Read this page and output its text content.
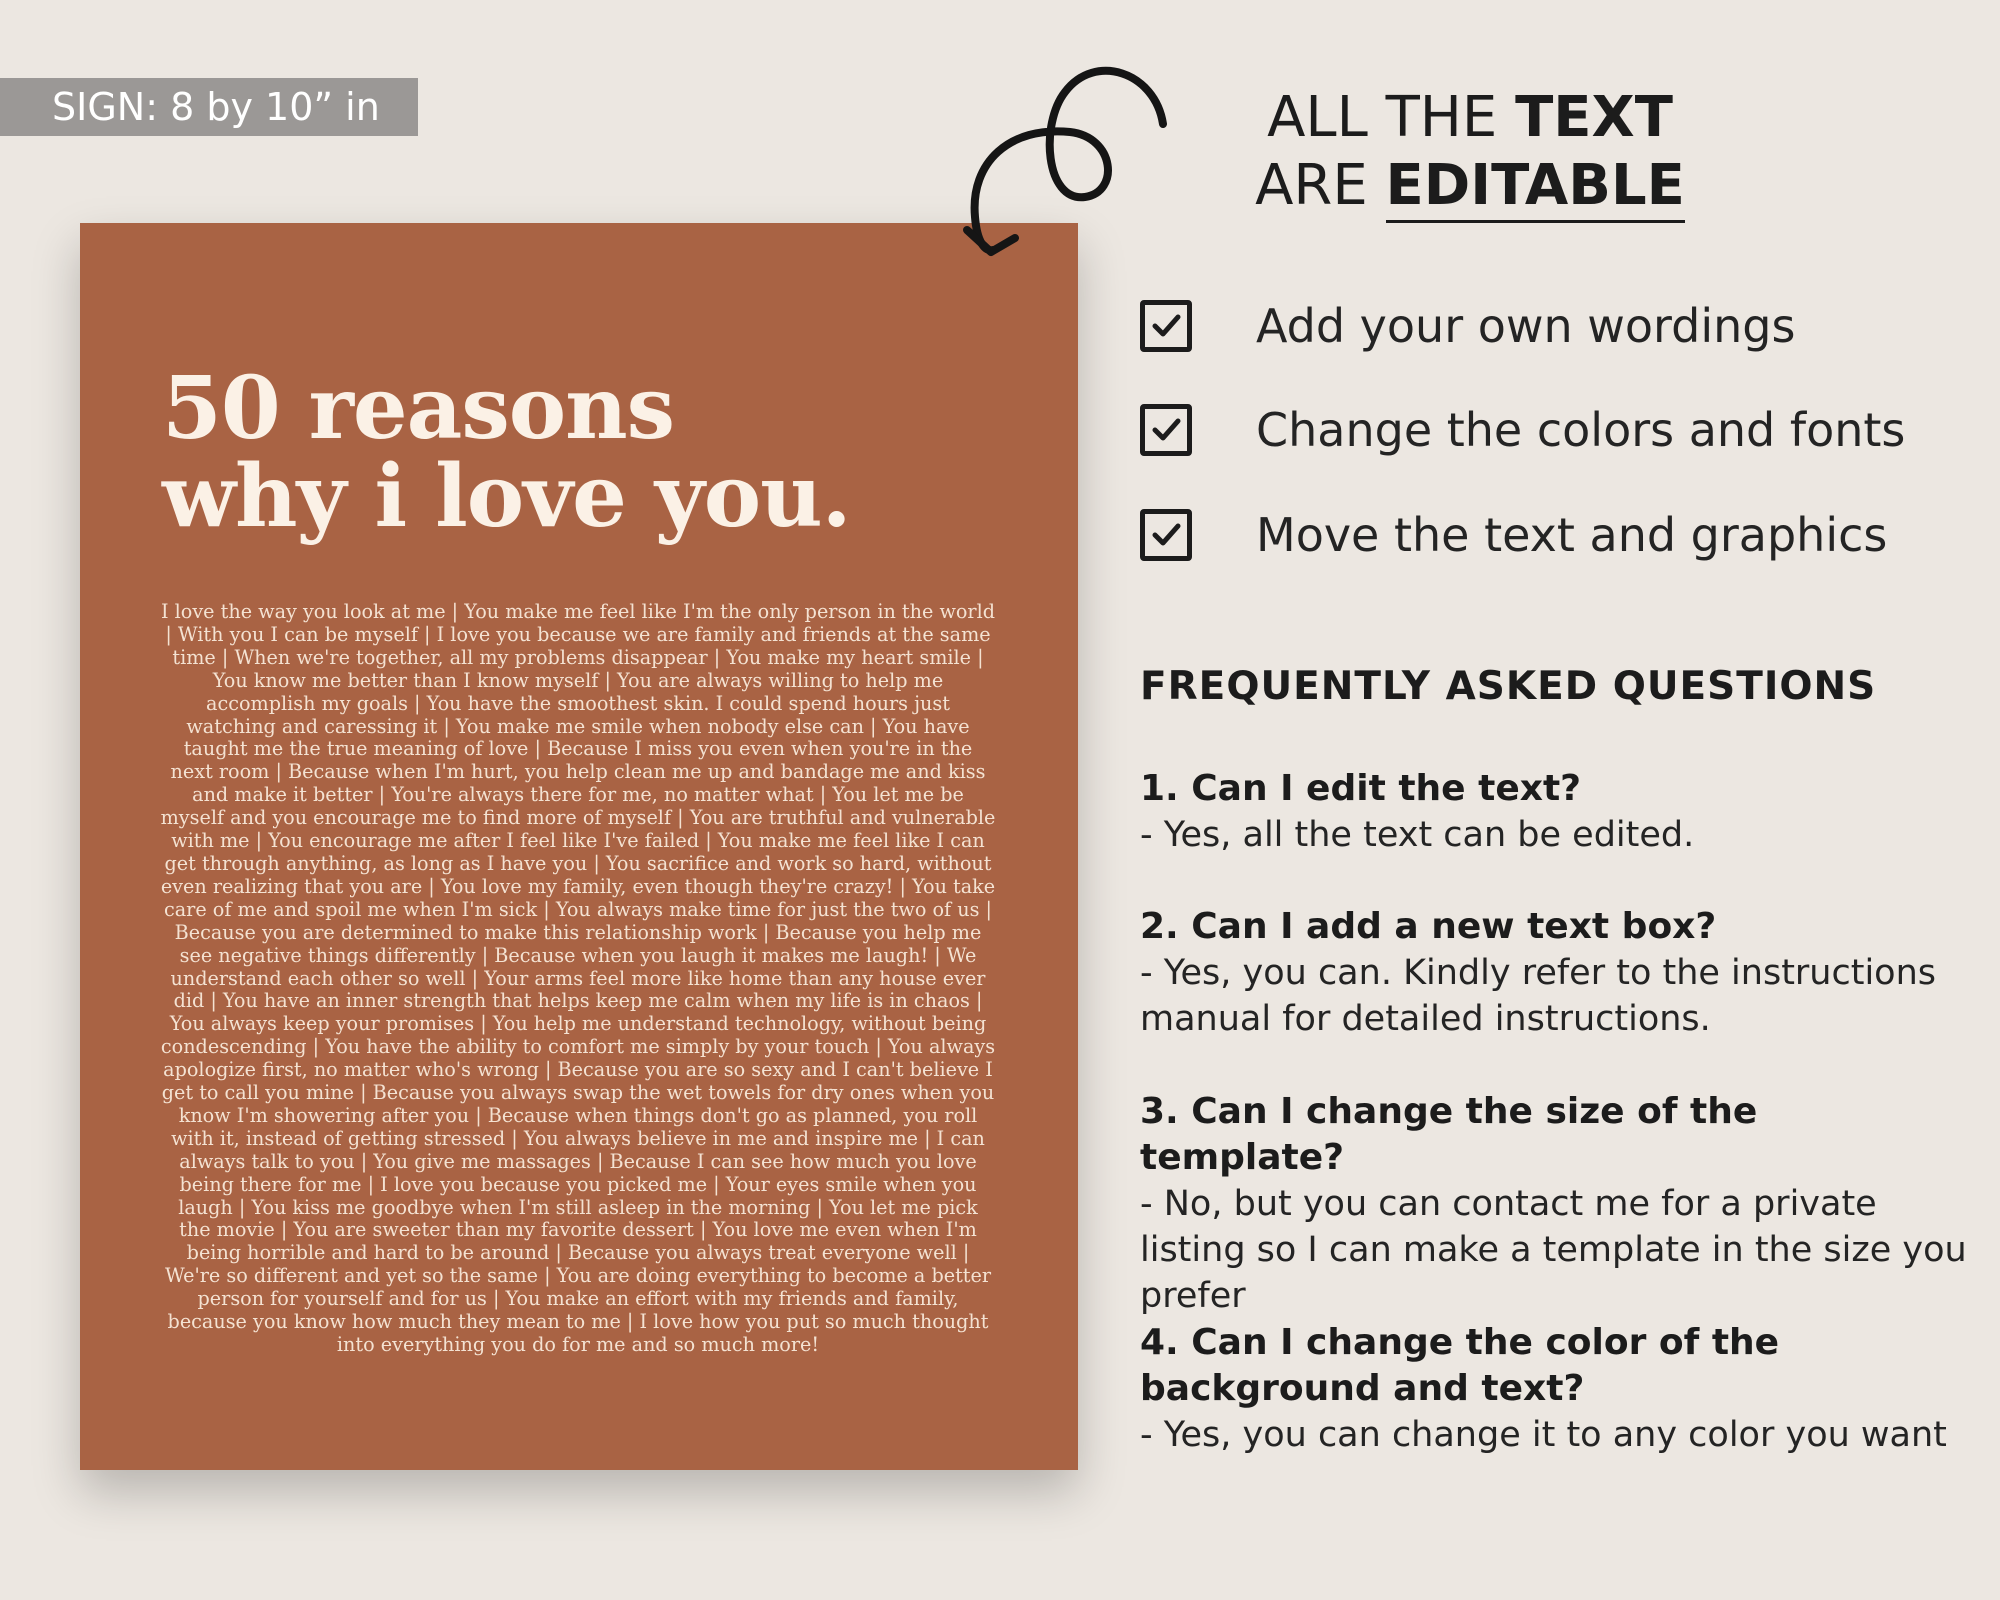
SIGN: 8 by 10” in
50 reasons
why i love you.
I love the way you look at me | You make me feel like I'm the only person in the world | With you I can be myself | I love you because we are family and friends at the same time | When we're together, all my problems disappear | You make my heart smile | You know me better than I know myself | You are always willing to help me accomplish my goals | You have the smoothest skin. I could spend hours just watching and caressing it | You make me smile when nobody else can | You have taught me the true meaning of love | Because I miss you even when you're in the next room | Because when I'm hurt, you help clean me up and bandage me and kiss and make it better | You're always there for me, no matter what | You let me be myself and you encourage me to find more of myself | You are truthful and vulnerable with me | You encourage me after I feel like I've failed | You make me feel like I can get through anything, as long as I have you | You sacrifice and work so hard, without even realizing that you are | You love my family, even though they're crazy! | You take care of me and spoil me when I'm sick | You always make time for just the two of us | Because you are determined to make this relationship work | Because you help me see negative things differently | Because when you laugh it makes me laugh! | We understand each other so well | Your arms feel more like home than any house ever did | You have an inner strength that helps keep me calm when my life is in chaos | You always keep your promises | You help me understand technology, without being condescending | You have the ability to comfort me simply by your touch | You always apologize first, no matter who's wrong | Because you are so sexy and I can't believe I get to call you mine | Because you always swap the wet towels for dry ones when you know I'm showering after you | Because when things don't go as planned, you roll with it, instead of getting stressed | You always believe in me and inspire me | I can always talk to you | You give me massages | Because I can see how much you love being there for me | I love you because you picked me | Your eyes smile when you laugh | You kiss me goodbye when I'm still asleep in the morning | You let me pick the movie | You are sweeter than my favorite dessert | You love me even when I'm being horrible and hard to be around | Because you always treat everyone well | We're so different and yet so the same | You are doing everything to become a better person for yourself and for us | You make an effort with my friends and family, because you know how much they mean to me | I love how you put so much thought into everything you do for me and so much more!
ALL THE TEXT
ARE EDITABLE
Add your own wordings
Change the colors and fonts
Move the text and graphics
FREQUENTLY ASKED QUESTIONS
1. Can I edit the text?
- Yes, all the text can be edited.
2. Can I add a new text box?
- Yes, you can. Kindly refer to the instructions manual for detailed instructions.
3. Can I change the size of the template?
- No, but you can contact me for a private listing so I can make a template in the size you prefer
4. Can I change the color of the background and text?
- Yes, you can change it to any color you want
